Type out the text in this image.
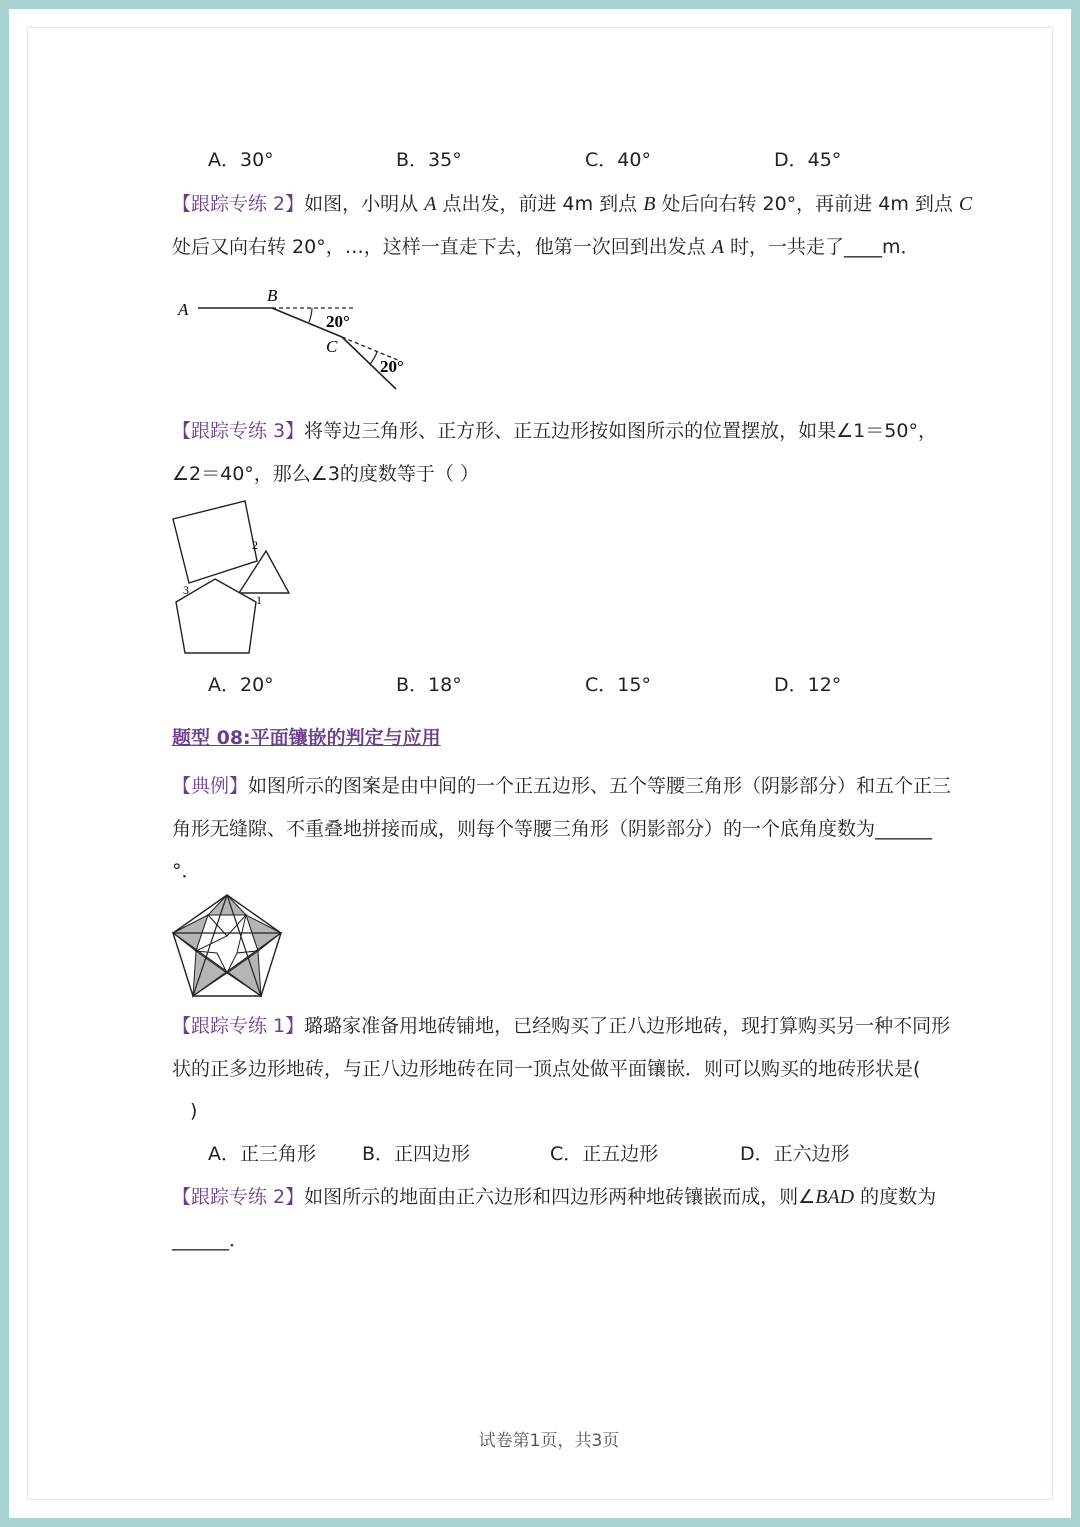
A．30°	B．35°	C．40°	D．45°
【跟踪专练 2】如图，小明从 A 点出发，前进 4m 到点 B 处后向右转 20°，再前进 4m 到点 C
处后又向右转 20°，…，这样一直走下去，他第一次回到出发点 A 时，一共走了____m．
A
B
C
20°
20°
【跟踪专练 3】将等边三角形、正方形、正五边形按如图所示的位置摆放，如果∠1＝50°，
∠2＝40°，那么∠3的度数等于（ ）
2
3
1
A．20°	B．18°	C．15°	D．12°
题型 08:平面镶嵌的判定与应用
【典例】如图所示的图案是由中间的一个正五边形、五个等腰三角形（阴影部分）和五个正三
角形无缝隙、不重叠地拼接而成，则每个等腰三角形（阴影部分）的一个底角度数为______
°．
【跟踪专练 1】璐璐家准备用地砖铺地，已经购买了正八边形地砖，现打算购买另一种不同形
状的正多边形地砖，与正八边形地砖在同一顶点处做平面镶嵌．则可以购买的地砖形状是(
)
A．正三角形 B．正四边形	C．正五边形	D．正六边形
【跟踪专练 2】如图所示的地面由正六边形和四边形两种地砖镶嵌而成，则∠BAD 的度数为
______．
试卷第1页，共3页
